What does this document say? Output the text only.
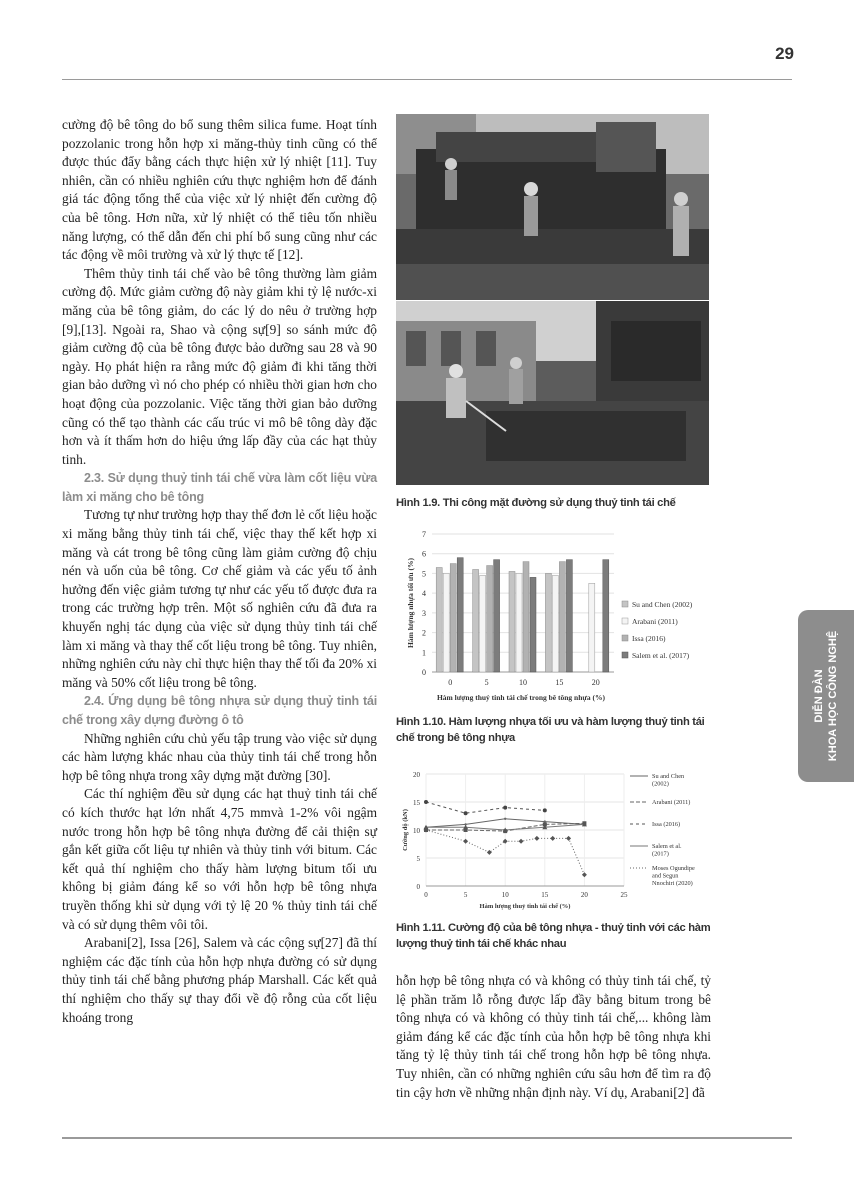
29

cường độ bê tông do bổ sung thêm silica fume. Hoạt tính pozzolanic trong hỗn hợp xi măng-thủy tinh cũng có thể được thúc đẩy bằng cách thực hiện xử lý nhiệt [11]. Tuy nhiên, cần có nhiều nghiên cứu thực nghiệm hơn để đánh giá tác động tổng thể của việc xử lý nhiệt đến cường độ của bê tông. Hơn nữa, xử lý nhiệt có thể tiêu tốn nhiều năng lượng, có thể dẫn đến chi phí bổ sung cũng như các tác động về môi trường và xử lý thực tế [12].

Thêm thủy tinh tái chế vào bê tông thường làm giảm cường độ. Mức giảm cường độ này giảm khi tỷ lệ nước-xi măng của bê tông giảm, do các lý do nêu ở trường hợp [9],[13]. Ngoài ra, Shao và cộng sự[9] so sánh mức độ giảm cường độ của bê tông được bảo dưỡng sau 28 và 90 ngày. Họ phát hiện ra rằng mức độ giảm đi khi tăng thời gian bảo dưỡng vì nó cho phép có nhiều thời gian hơn cho hoạt động của pozzolanic. Việc tăng thời gian bảo dưỡng cũng có thể tạo thành các cấu trúc vi mô bê tông dày đặc hơn và ít thấm hơn do hiệu ứng lấp đầy của các hạt thủy tinh.

2.3. Sử dụng thuỷ tinh tái chế vừa làm cốt liệu vừa làm xi măng cho bê tông

Tương tự như trường hợp thay thế đơn lẻ cốt liệu hoặc xi măng bằng thủy tinh tái chế, việc thay thế kết hợp xi măng và cát trong bê tông cũng làm giảm cường độ chịu nén và uốn của bê tông. Cơ chế giảm và các yếu tố ảnh hưởng đến việc giảm tương tự như các yếu tố được đưa ra trong các trường hợp trên. Một số nghiên cứu đã đưa ra khuyến nghị tác dụng của việc sử dụng thủy tinh tái chế làm xi măng và thay thế cốt liệu trong bê tông. Tuy nhiên, những nghiên cứu này chỉ thực hiện thay thế tối đa 20% xi măng và 50% cốt liệu trong bê tông.

2.4. Ứng dụng bê tông nhựa sử dụng thuỷ tinh tái chế trong xây dựng đường ô tô

Những nghiên cứu chủ yếu tập trung vào việc sử dụng các hàm lượng khác nhau của thủy tinh tái chế trong hỗn hợp bê tông nhựa trong xây dựng mặt đường [30].

Các thí nghiệm đều sử dụng các hạt thuỷ tinh tái chế có kích thước hạt lớn nhất 4,75 mmvà 1-2% vôi ngậm nước trong hỗn hợp bê tông nhựa đường để cải thiện sự gắn kết giữa cốt liệu tự nhiên và thủy tinh với bitum. Các kết quả thí nghiệm cho thấy hàm lượng bitum tối ưu không bị giảm đáng kể so với hỗn hợp bê tông nhựa truyền thống khi sử dụng với tỷ lệ 20 % thủy tinh tái chế và có sử dụng thêm vôi tôi.

Arabani[2], Issa [26], Salem và các cộng sự[27] đã thí nghiệm các đặc tính của hỗn hợp nhựa đường có sử dụng thủy tinh tái chế bằng phương pháp Marshall. Các kết quả thí nghiệm cho thấy sự thay đổi về độ rỗng của cốt liệu khoáng trong

Hình 1.9. Thi công mặt đường sử dụng thuỷ tinh tái chế
0
1
2
3
4
5
6
7
0	5	10	15	20
Hàm lượng thuỷ tinh tái chế trong bê tông nhựa (%)
Hàm lượng nhựa tối ưu (%)	Su and Chen (2002)
Arabani (2011)
Issa (2016)
Salem et al. (2017)
Hình 1.10. Hàm lượng nhựa tối ưu và hàm lượng thuỷ tinh tái chế trong bê tông nhựa
0
5
10
15
20
0	5	10	15	20	25
Hàm lượng thuỷ tinh tái chế (%)
Cường độ (kN)
Su and Chen (2002)
Arabani (2011)
Issa (2016)
Salem et al. (2017)
Moses Ogundipe and Segun Nnochiri (2020)
Hình 1.11. Cường độ của bê tông nhựa - thuỷ tinh với các hàm lượng thuỷ tinh tái chế khác nhau

hỗn hợp bê tông nhựa có và không có thủy tinh tái chế, tỷ lệ phần trăm lỗ rỗng được lấp đầy bằng bitum trong bê tông nhựa có và không có thủy tinh tái chế,... không làm giảm đáng kể các đặc tính của hỗn hợp bê tông nhựa khi tăng tỷ lệ thủy tinh tái chế trong hỗn hợp bê tông nhựa. Tuy nhiên, cần có những nghiên cứu sâu hơn để tìm ra độ tin cậy hơn về những nhận định này. Ví dụ, Arabani[2] đã

DIỄN ĐÀN KHOA HỌC CÔNG NGHỆ
